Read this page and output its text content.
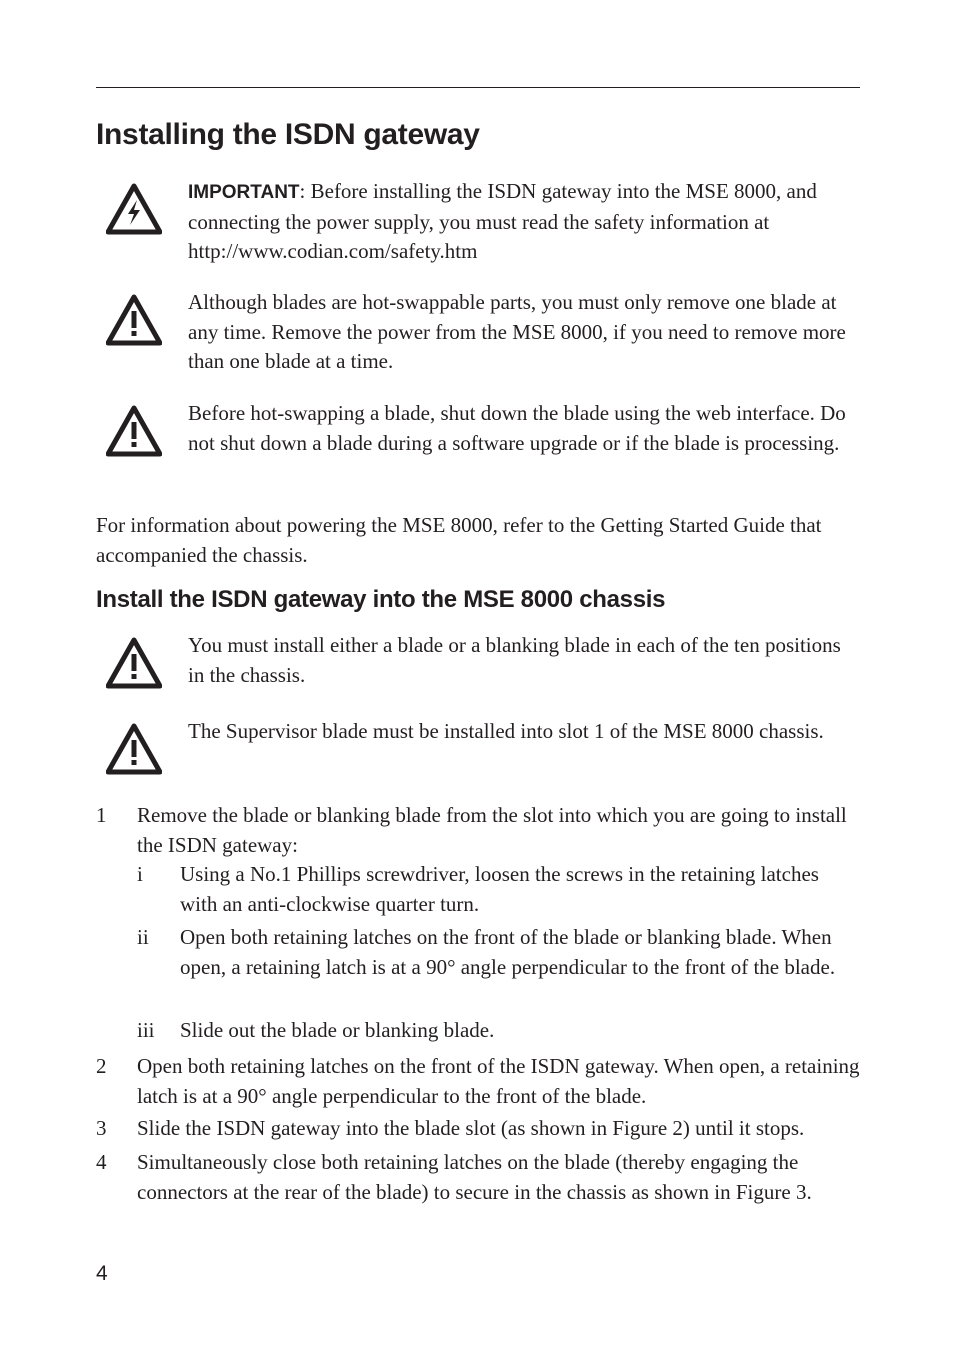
Installing the ISDN gateway
IMPORTANT: Before installing the ISDN gateway into the MSE 8000, and connecting the power supply, you must read the safety information at http://www.codian.com/safety.htm
Although blades are hot-swappable parts, you must only remove one blade at any time. Remove the power from the MSE 8000, if you need to remove more than one blade at a time.
Before hot-swapping a blade, shut down the blade using the web interface. Do not shut down a blade during a software upgrade or if the blade is processing.
For information about powering the MSE 8000, refer to the Getting Started Guide that accompanied the chassis.
Install the ISDN gateway into the MSE 8000 chassis
You must install either a blade or a blanking blade in each of the ten positions in the chassis.
The Supervisor blade must be installed into slot 1 of the MSE 8000 chassis.
1 Remove the blade or blanking blade from the slot into which you are going to install the ISDN gateway:
i Using a No.1 Phillips screwdriver, loosen the screws in the retaining latches with an anti-clockwise quarter turn.
ii Open both retaining latches on the front of the blade or blanking blade. When open, a retaining latch is at a 90° angle perpendicular to the front of the blade.
iii Slide out the blade or blanking blade.
2 Open both retaining latches on the front of the ISDN gateway. When open, a retaining latch is at a 90° angle perpendicular to the front of the blade.
3 Slide the ISDN gateway into the blade slot (as shown in Figure 2) until it stops.
4 Simultaneously close both retaining latches on the blade (thereby engaging the connectors at the rear of the blade) to secure in the chassis as shown in Figure 3.
4
